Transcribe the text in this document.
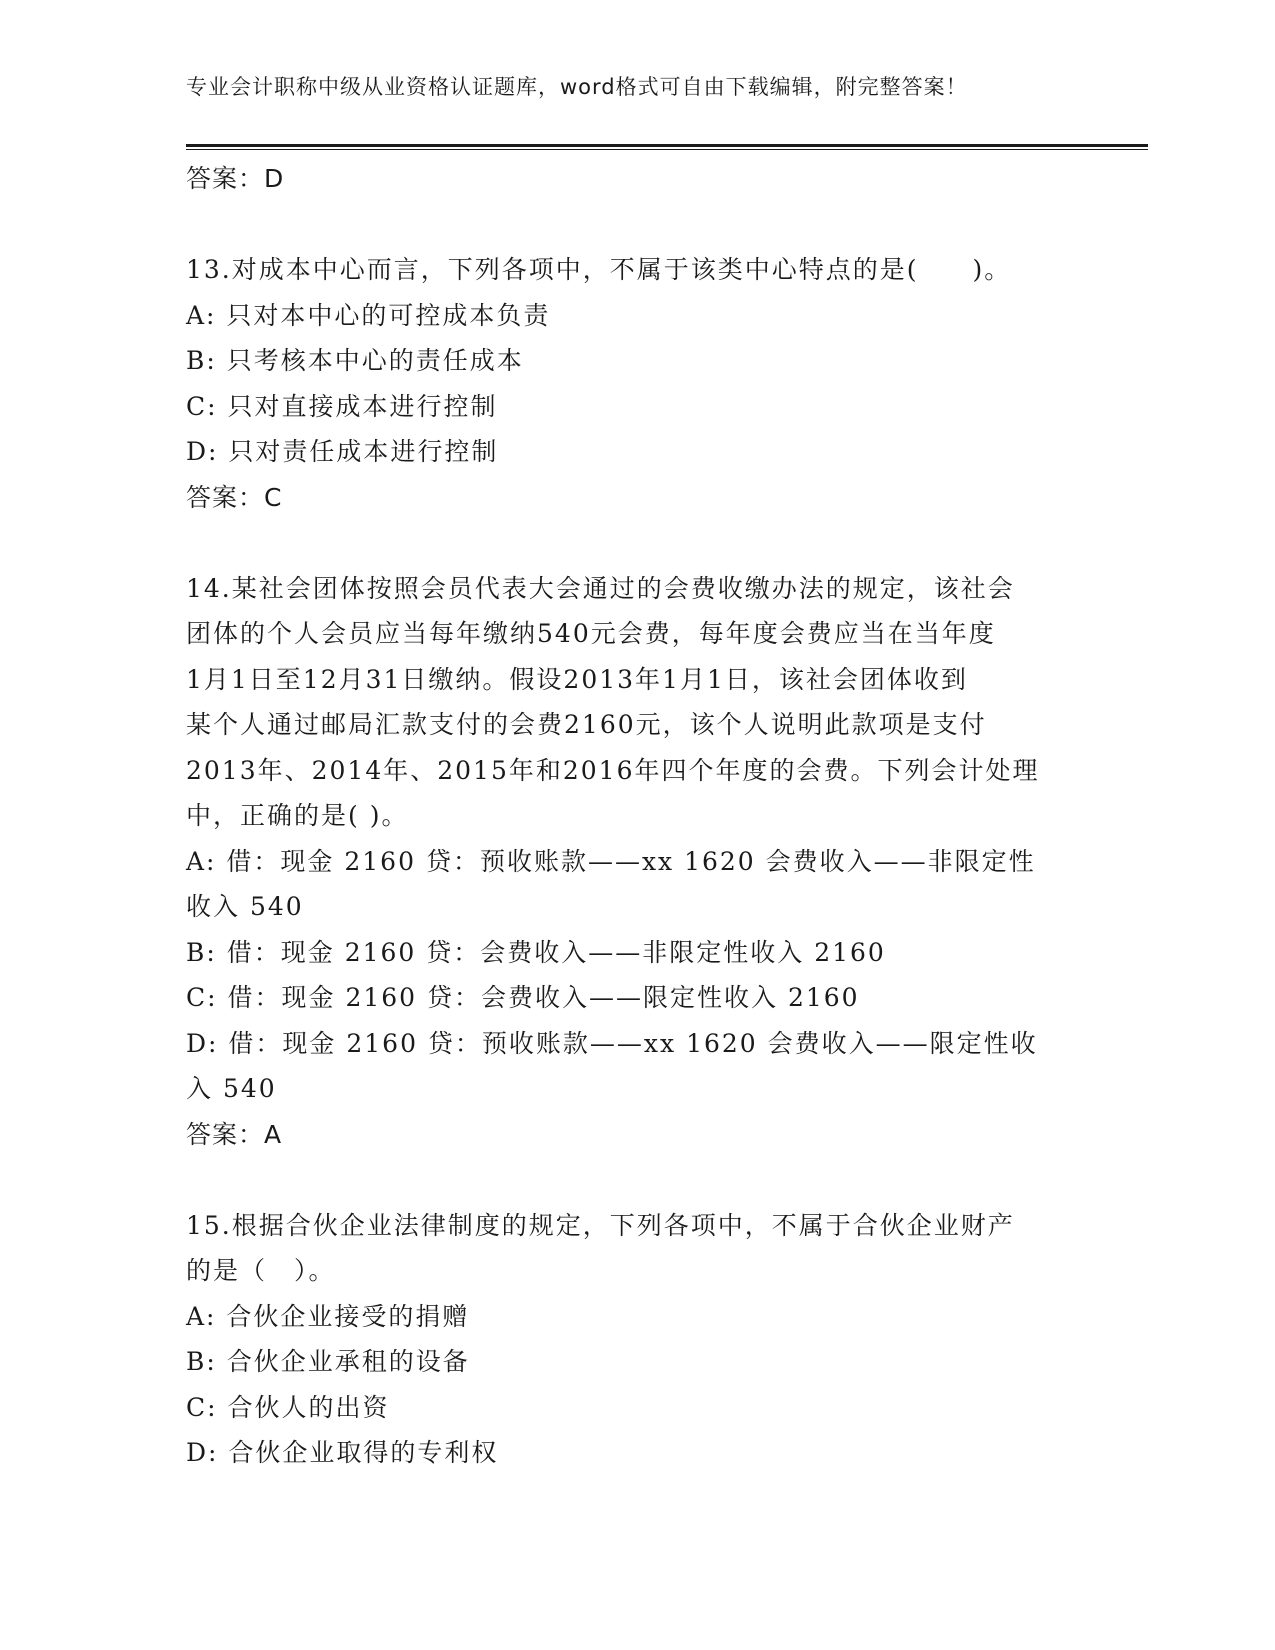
专业会计职称中级从业资格认证题库，word格式可自由下载编辑，附完整答案！
答案：D
13.对成本中心而言，下列各项中，不属于该类中心特点的是(　　)。
A: 只对本中心的可控成本负责
B: 只考核本中心的责任成本
C: 只对直接成本进行控制
D: 只对责任成本进行控制
答案：C
14.某社会团体按照会员代表大会通过的会费收缴办法的规定，该社会
团体的个人会员应当每年缴纳540元会费，每年度会费应当在当年度
1月1日至12月31日缴纳。假设2013年1月1日，该社会团体收到
某个人通过邮局汇款支付的会费2160元，该个人说明此款项是支付
2013年、2014年、2015年和2016年四个年度的会费。下列会计处理
中，正确的是( )。
A: 借：现金 2160 贷：预收账款——xx 1620 会费收入——非限定性
收入 540
B: 借：现金 2160 贷：会费收入——非限定性收入 2160
C: 借：现金 2160 贷：会费收入——限定性收入 2160
D: 借：现金 2160 贷：预收账款——xx 1620 会费收入——限定性收
入 540
答案：A
15.根据合伙企业法律制度的规定，下列各项中，不属于合伙企业财产
的是（　）。
A: 合伙企业接受的捐赠
B: 合伙企业承租的设备
C: 合伙人的出资
D: 合伙企业取得的专利权
